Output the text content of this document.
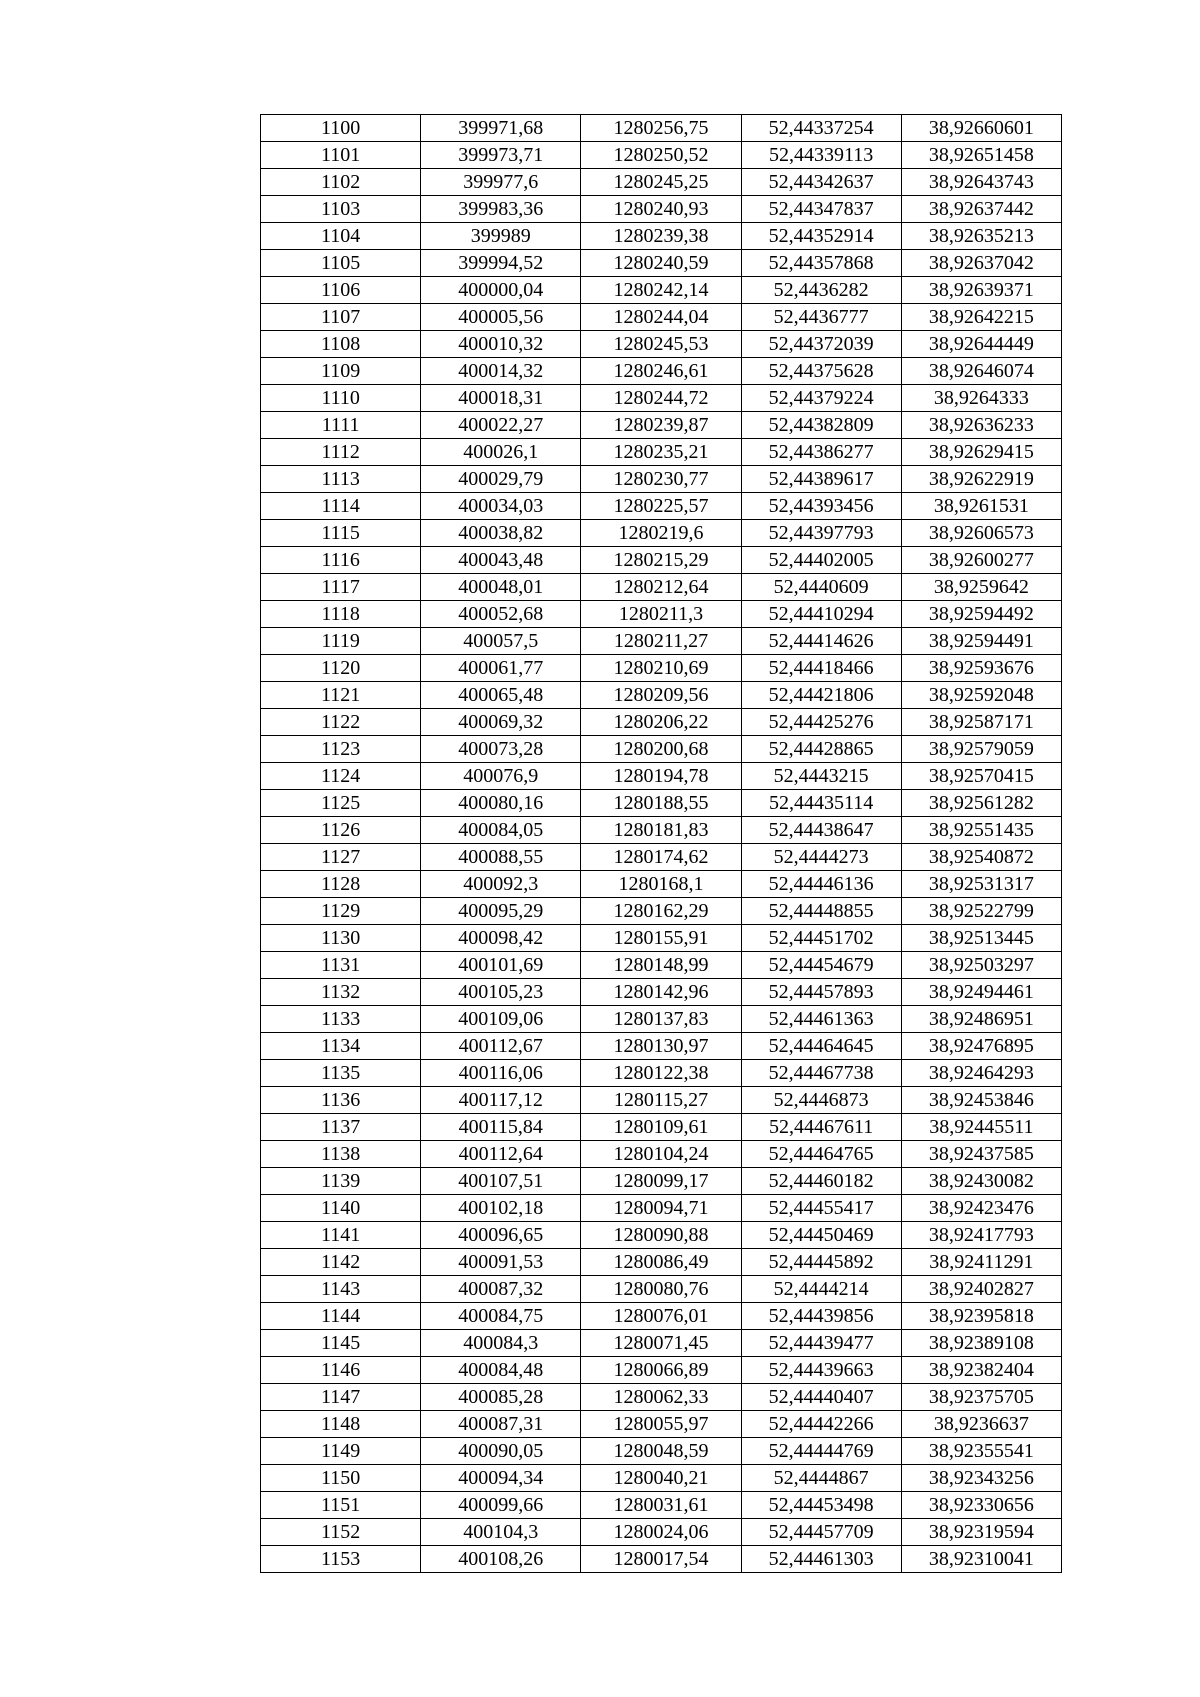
1100	399971,68	1280256,75	52,44337254	38,92660601
1101	399973,71	1280250,52	52,44339113	38,92651458
1102	399977,6	1280245,25	52,44342637	38,92643743
1103	399983,36	1280240,93	52,44347837	38,92637442
1104	399989	1280239,38	52,44352914	38,92635213
1105	399994,52	1280240,59	52,44357868	38,92637042
1106	400000,04	1280242,14	52,4436282	38,92639371
1107	400005,56	1280244,04	52,4436777	38,92642215
1108	400010,32	1280245,53	52,44372039	38,92644449
1109	400014,32	1280246,61	52,44375628	38,92646074
1110	400018,31	1280244,72	52,44379224	38,9264333
1111	400022,27	1280239,87	52,44382809	38,92636233
1112	400026,1	1280235,21	52,44386277	38,92629415
1113	400029,79	1280230,77	52,44389617	38,92622919
1114	400034,03	1280225,57	52,44393456	38,9261531
1115	400038,82	1280219,6	52,44397793	38,92606573
1116	400043,48	1280215,29	52,44402005	38,92600277
1117	400048,01	1280212,64	52,4440609	38,9259642
1118	400052,68	1280211,3	52,44410294	38,92594492
1119	400057,5	1280211,27	52,44414626	38,92594491
1120	400061,77	1280210,69	52,44418466	38,92593676
1121	400065,48	1280209,56	52,44421806	38,92592048
1122	400069,32	1280206,22	52,44425276	38,92587171
1123	400073,28	1280200,68	52,44428865	38,92579059
1124	400076,9	1280194,78	52,4443215	38,92570415
1125	400080,16	1280188,55	52,44435114	38,92561282
1126	400084,05	1280181,83	52,44438647	38,92551435
1127	400088,55	1280174,62	52,4444273	38,92540872
1128	400092,3	1280168,1	52,44446136	38,92531317
1129	400095,29	1280162,29	52,44448855	38,92522799
1130	400098,42	1280155,91	52,44451702	38,92513445
1131	400101,69	1280148,99	52,44454679	38,92503297
1132	400105,23	1280142,96	52,44457893	38,92494461
1133	400109,06	1280137,83	52,44461363	38,92486951
1134	400112,67	1280130,97	52,44464645	38,92476895
1135	400116,06	1280122,38	52,44467738	38,92464293
1136	400117,12	1280115,27	52,4446873	38,92453846
1137	400115,84	1280109,61	52,44467611	38,92445511
1138	400112,64	1280104,24	52,44464765	38,92437585
1139	400107,51	1280099,17	52,44460182	38,92430082
1140	400102,18	1280094,71	52,44455417	38,92423476
1141	400096,65	1280090,88	52,44450469	38,92417793
1142	400091,53	1280086,49	52,44445892	38,92411291
1143	400087,32	1280080,76	52,4444214	38,92402827
1144	400084,75	1280076,01	52,44439856	38,92395818
1145	400084,3	1280071,45	52,44439477	38,92389108
1146	400084,48	1280066,89	52,44439663	38,92382404
1147	400085,28	1280062,33	52,44440407	38,92375705
1148	400087,31	1280055,97	52,44442266	38,9236637
1149	400090,05	1280048,59	52,44444769	38,92355541
1150	400094,34	1280040,21	52,4444867	38,92343256
1151	400099,66	1280031,61	52,44453498	38,92330656
1152	400104,3	1280024,06	52,44457709	38,92319594
1153	400108,26	1280017,54	52,44461303	38,92310041
